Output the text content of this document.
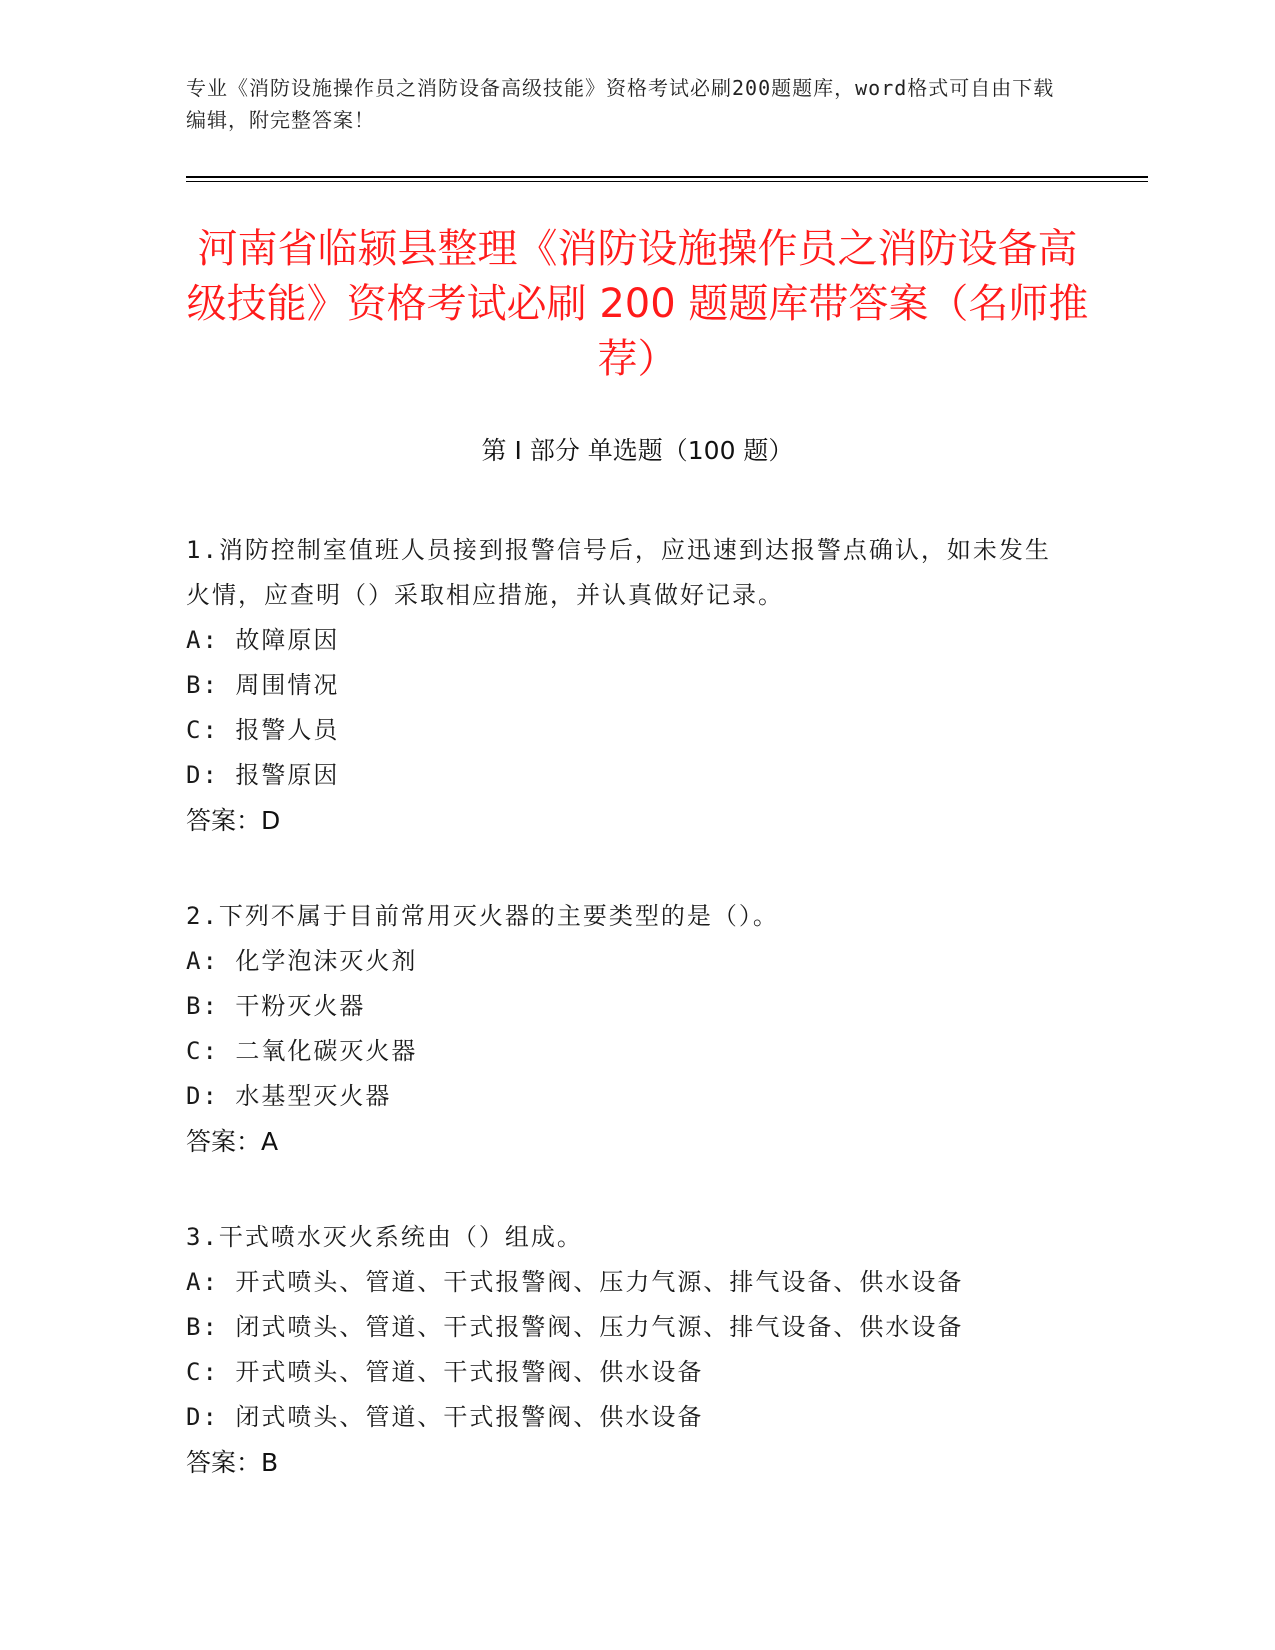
专业《消防设施操作员之消防设备高级技能》资格考试必刷200题题库，word格式可自由下载编辑，附完整答案！
河南省临颍县整理《消防设施操作员之消防设备高级技能》资格考试必刷 200 题题库带答案（名师推荐）
第 I 部分 单选题（100 题）
1.消防控制室值班人员接到报警信号后，应迅速到达报警点确认，如未发生火情，应查明（）采取相应措施，并认真做好记录。
A: 故障原因
B: 周围情况
C: 报警人员
D: 报警原因
答案：D
2.下列不属于目前常用灭火器的主要类型的是（）。
A: 化学泡沫灭火剂
B: 干粉灭火器
C: 二氧化碳灭火器
D: 水基型灭火器
答案：A
3.干式喷水灭火系统由（）组成。
A: 开式喷头、管道、干式报警阀、压力气源、排气设备、供水设备
B: 闭式喷头、管道、干式报警阀、压力气源、排气设备、供水设备
C: 开式喷头、管道、干式报警阀、供水设备
D: 闭式喷头、管道、干式报警阀、供水设备
答案：B
